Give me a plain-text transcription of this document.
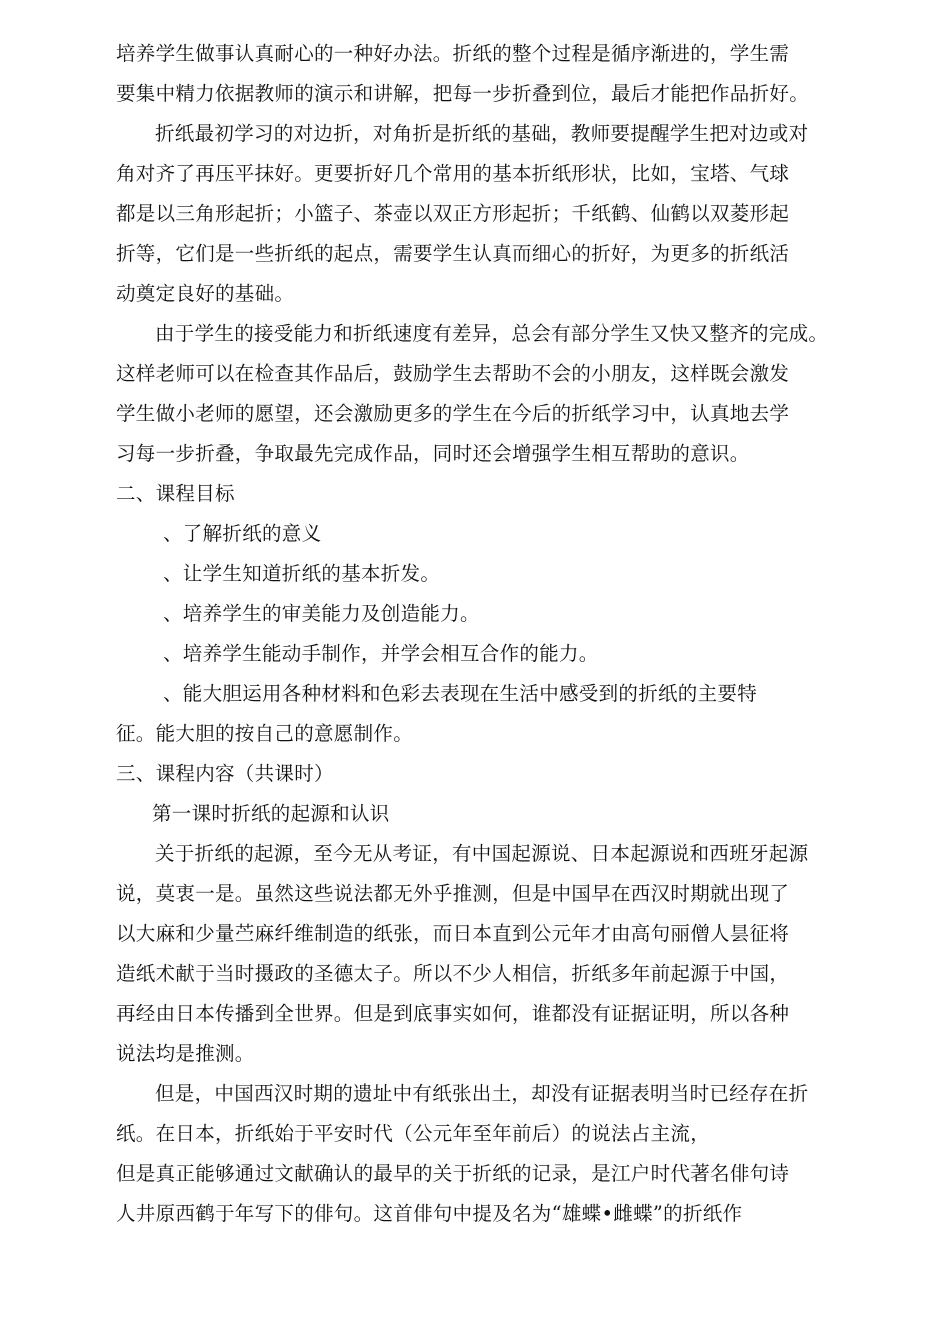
培养学生做事认真耐心的一种好办法。折纸的整个过程是循序渐进的，学生需
要集中精力依据教师的演示和讲解，把每一步折叠到位，最后才能把作品折好。
折纸最初学习的对边折，对角折是折纸的基础，教师要提醒学生把对边或对
角对齐了再压平抹好。更要折好几个常用的基本折纸形状，比如，宝塔、气球
都是以三角形起折；小篮子、茶壶以双正方形起折；千纸鹤、仙鹤以双菱形起
折等，它们是一些折纸的起点，需要学生认真而细心的折好，为更多的折纸活
动奠定良好的基础。
由于学生的接受能力和折纸速度有差异，总会有部分学生又快又整齐的完成。
这样老师可以在检查其作品后，鼓励学生去帮助不会的小朋友，这样既会激发
学生做小老师的愿望，还会激励更多的学生在今后的折纸学习中，认真地去学
习每一步折叠，争取最先完成作品，同时还会增强学生相互帮助的意识。
二、课程目标
、了解折纸的意义
、让学生知道折纸的基本折发。
、培养学生的审美能力及创造能力。
、培养学生能动手制作，并学会相互合作的能力。
、能大胆运用各种材料和色彩去表现在生活中感受到的折纸的主要特
征。能大胆的按自己的意愿制作。
三、课程内容（共课时）
第一课时折纸的起源和认识
关于折纸的起源，至今无从考证，有中国起源说、日本起源说和西班牙起源
说，莫衷一是。虽然这些说法都无外乎推测，但是中国早在西汉时期就出现了
以大麻和少量苎麻纤维制造的纸张，而日本直到公元年才由高句丽僧人昙征将
造纸术献于当时摄政的圣德太子。所以不少人相信，折纸多年前起源于中国，
再经由日本传播到全世界。但是到底事实如何，谁都没有证据证明，所以各种
说法均是推测。
但是，中国西汉时期的遗址中有纸张出土，却没有证据表明当时已经存在折
纸。在日本，折纸始于平安时代（公元年至年前后）的说法占主流，
但是真正能够通过文献确认的最早的关于折纸的记录，是江户时代著名俳句诗
人井原西鹤于年写下的俳句。这首俳句中提及名为“雄蝶•雌蝶”的折纸作
